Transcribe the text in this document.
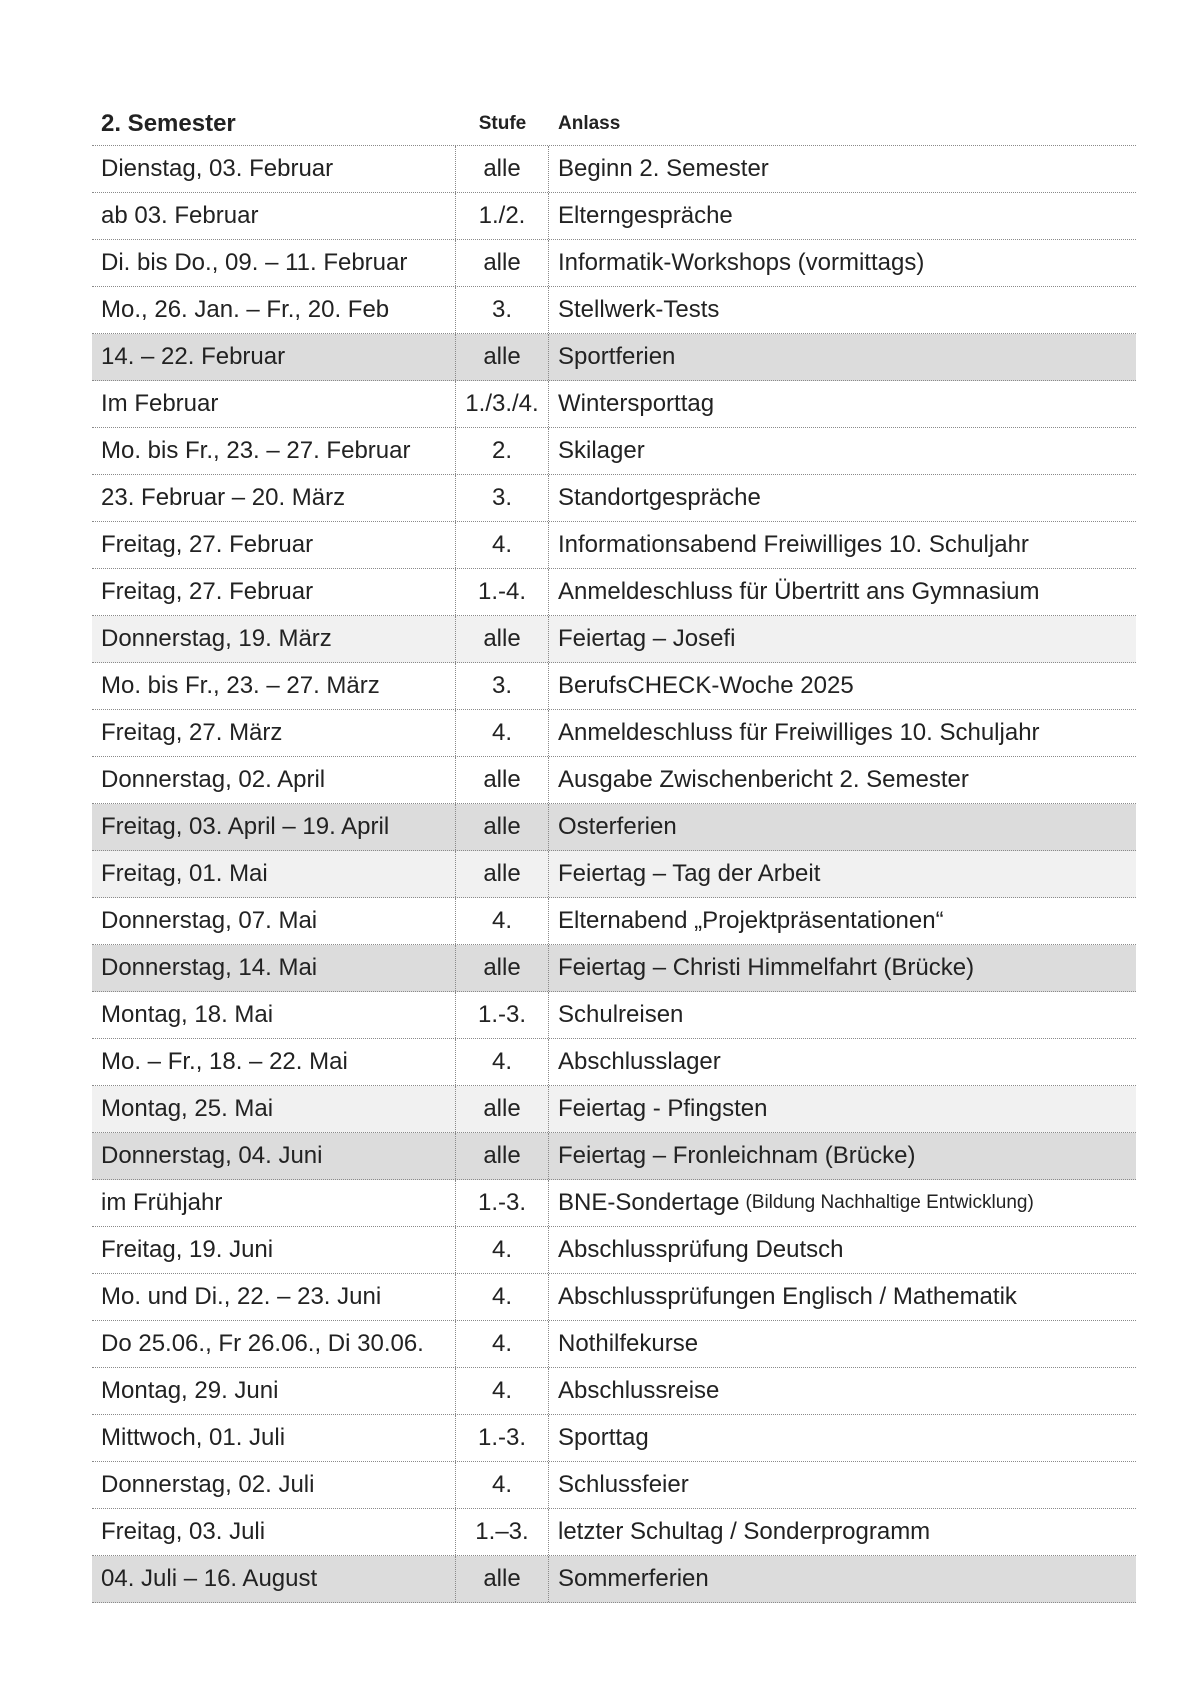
2. Semester	Stufe	Anlass
Dienstag, 03. Februar	alle	Beginn 2. Semester
ab 03. Februar	1./2.	Elterngespräche
Di. bis Do., 09. – 11. Februar	alle	Informatik-Workshops (vormittags)
Mo., 26. Jan. – Fr., 20. Feb	3.	Stellwerk-Tests
14. – 22. Februar	alle	Sportferien
Im Februar	1./3./4. Wintersporttag
Mo. bis Fr., 23. – 27. Februar	2.	Skilager
23. Februar – 20. März	3.	Standortgespräche
Freitag, 27. Februar	4.	Informationsabend Freiwilliges 10. Schuljahr
Freitag, 27. Februar	1.-4.	Anmeldeschluss für Übertritt ans Gymnasium
Donnerstag, 19. März	alle	Feiertag – Josefi
Mo. bis Fr., 23. – 27. März	3.	BerufsCHECK-Woche 2025
Freitag, 27. März	4.	Anmeldeschluss für Freiwilliges 10. Schuljahr
Donnerstag, 02. April	alle	Ausgabe Zwischenbericht 2. Semester
Freitag, 03. April – 19. April	alle	Osterferien
Freitag, 01. Mai	alle	Feiertag – Tag der Arbeit
Donnerstag, 07. Mai	4.	Elternabend „Projektpräsentationen“
Donnerstag, 14. Mai	alle	Feiertag – Christi Himmelfahrt (Brücke)
Montag, 18. Mai	1.-3.	Schulreisen
Mo. – Fr., 18. – 22. Mai	4.	Abschlusslager
Montag, 25. Mai	alle	Feiertag - Pfingsten
Donnerstag, 04. Juni	alle	Feiertag – Fronleichnam (Brücke)
im Frühjahr	1.-3.	BNE-Sondertage (Bildung Nachhaltige Entwicklung)
Freitag, 19. Juni	4.	Abschlussprüfung Deutsch
Mo. und Di., 22. – 23. Juni	4.	Abschlussprüfungen Englisch / Mathematik
Do 25.06., Fr 26.06., Di 30.06.	4.	Nothilfekurse
Montag, 29. Juni	4.	Abschlussreise
Mittwoch, 01. Juli	1.-3.	Sporttag
Donnerstag, 02. Juli	4.	Schlussfeier
Freitag, 03. Juli	1.–3.	letzter Schultag / Sonderprogramm
04. Juli – 16. August	alle	Sommerferien
